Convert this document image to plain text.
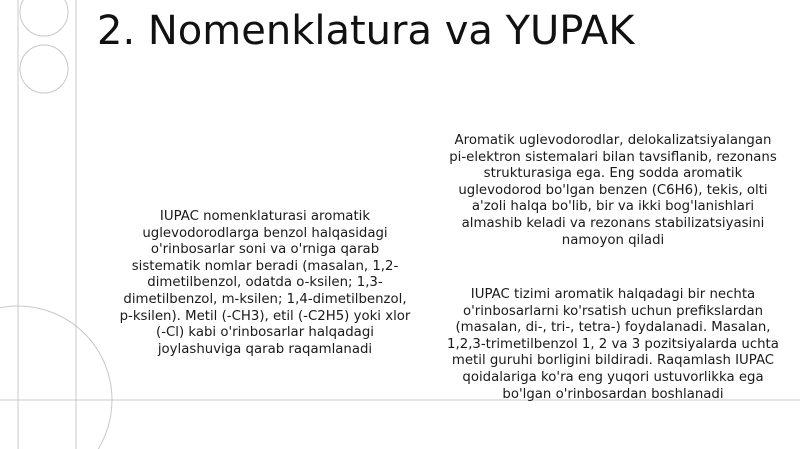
2. Nomenklatura va YUPAK

IUPAC nomenklaturasi aromatik uglevodorodlarga benzol halqasidagi o'rinbosarlar soni va o'rniga qarab sistematik nomlar beradi (masalan, 1,2-dimetilbenzol, odatda o-ksilen; 1,3-dimetilbenzol, m-ksilen; 1,4-dimetilbenzol, p-ksilen). Metil (-CH3), etil (-C2H5) yoki xlor (-Cl) kabi o'rinbosarlar halqadagi joylashuviga qarab raqamlanadi

Aromatik uglevodorodlar, delokalizatsiyalangan pi-elektron sistemalari bilan tavsiflanib, rezonans strukturasiga ega. Eng sodda aromatik uglevodorod bo'lgan benzen (C6H6), tekis, olti a'zoli halqa bo'lib, bir va ikki bog'lanishlari almashib keladi va rezonans stabilizatsiyasini namoyon qiladi

IUPAC tizimi aromatik halqadagi bir nechta o'rinbosarlarni ko'rsatish uchun prefikslardan (masalan, di-, tri-, tetra-) foydalanadi. Masalan, 1,2,3-trimetilbenzol 1, 2 va 3 pozitsiyalarda uchta metil guruhi borligini bildiradi. Raqamlash IUPAC qoidalariga ko'ra eng yuqori ustuvorlikka ega bo'lgan o'rinbosardan boshlanadi
